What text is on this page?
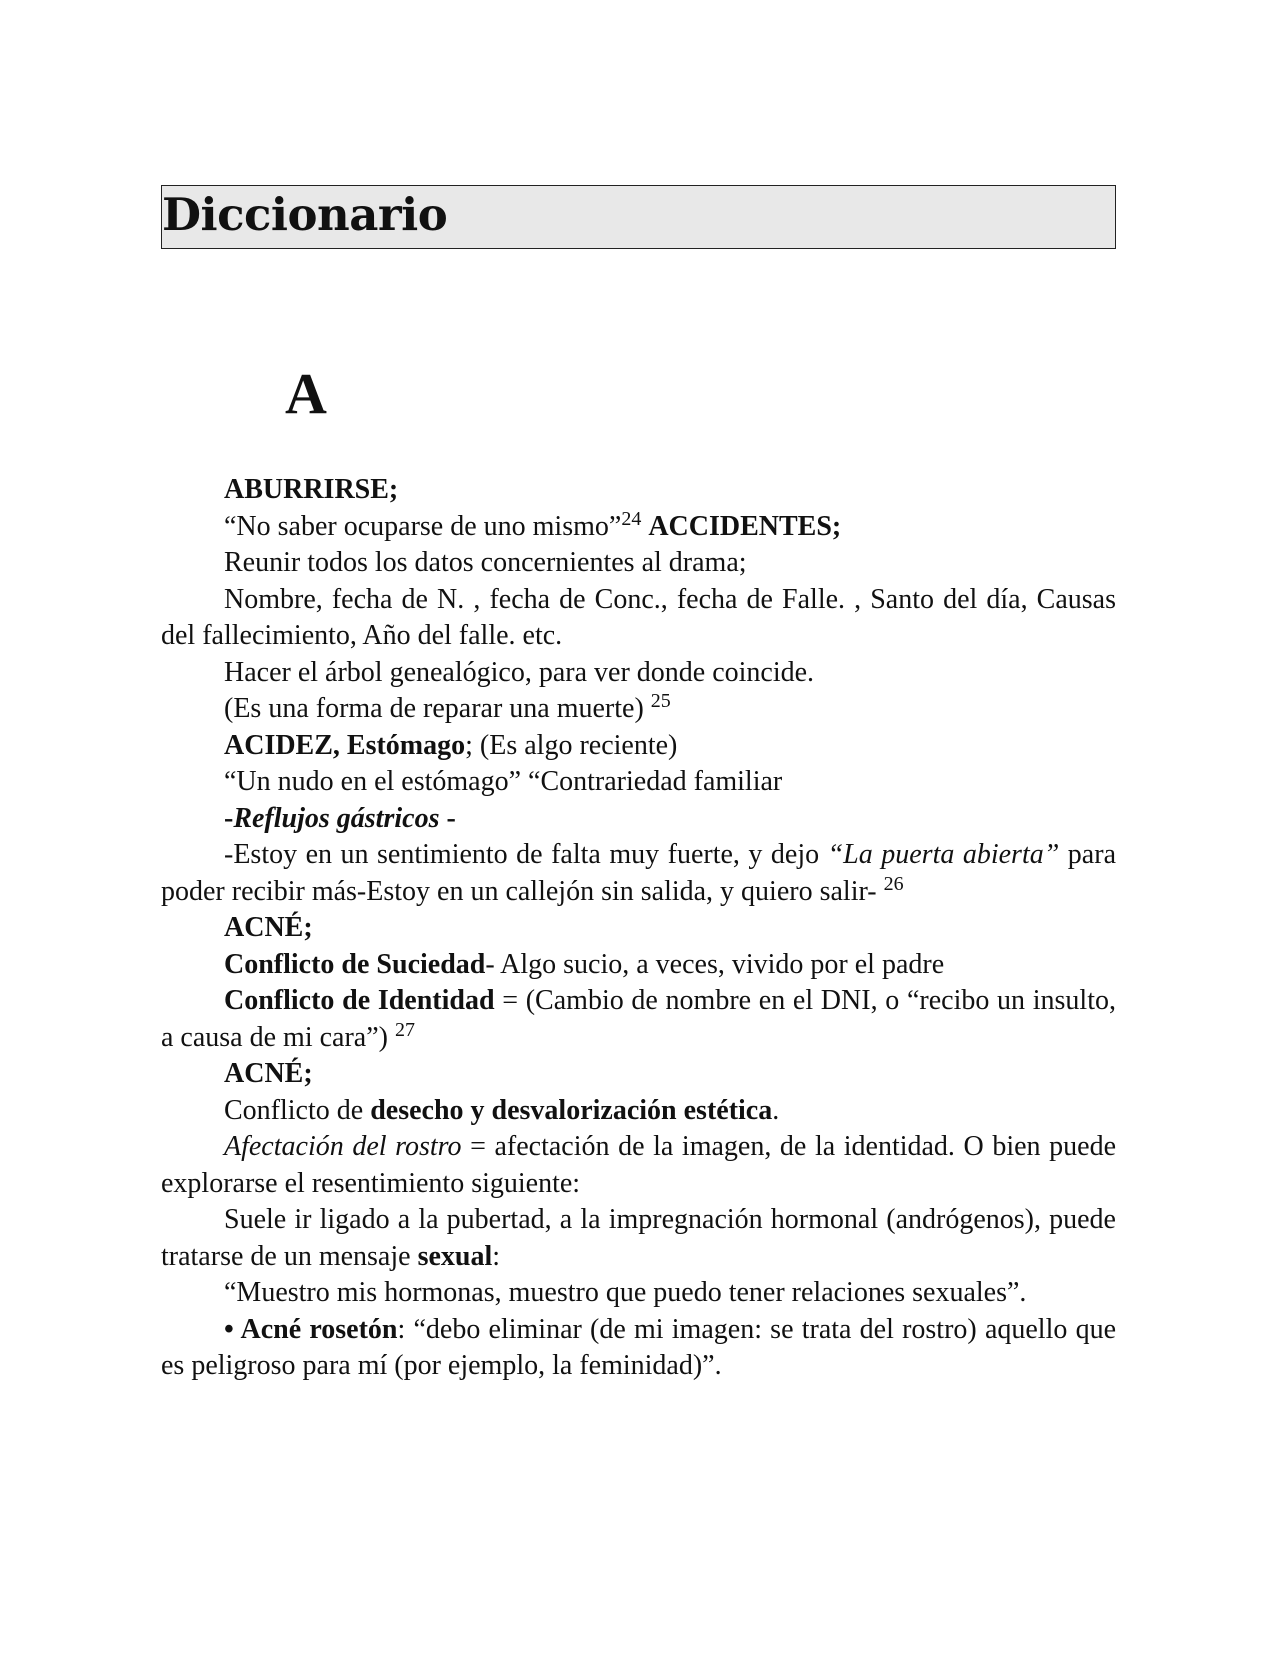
Diccionario
A

ABURRIRSE;

“No saber ocuparse de uno mismo”$^{24}$ ACCIDENTES;

Reunir todos los datos concernientes al drama;

Nombre, fecha de N. , fecha de Conc., fecha de Falle. , Santo del día, Causas del fallecimiento, Año del falle. etc.

Hacer el árbol genealógico, para ver donde coincide.

(Es una forma de reparar una muerte) $^{25}$

ACIDEZ, Estómago; (Es algo reciente)

“Un nudo en el estómago” “Contrariedad familiar

-Reflujos gástricos -

-Estoy en un sentimiento de falta muy fuerte, y dejo “La puerta abierta” para poder recibir más-Estoy en un callejón sin salida, y quiero salir- $^{26}$

ACNÉ;

Conflicto de Suciedad- Algo sucio, a veces, vivido por el padre

Conflicto de Identidad = (Cambio de nombre en el DNI, o “recibo un insulto, a causa de mi cara”) $^{27}$

ACNÉ;

Conflicto de desecho y desvalorización estética.

Afectación del rostro = afectación de la imagen, de la identidad. O bien puede explorarse el resentimiento siguiente:

Suele ir ligado a la pubertad, a la impregnación hormonal (andrógenos), puede tratarse de un mensaje sexual:

“Muestro mis hormonas, muestro que puedo tener relaciones sexuales”.

• Acné rosetón: “debo eliminar (de mi imagen: se trata del rostro) aquello que es peligroso para mí (por ejemplo, la feminidad)”.
